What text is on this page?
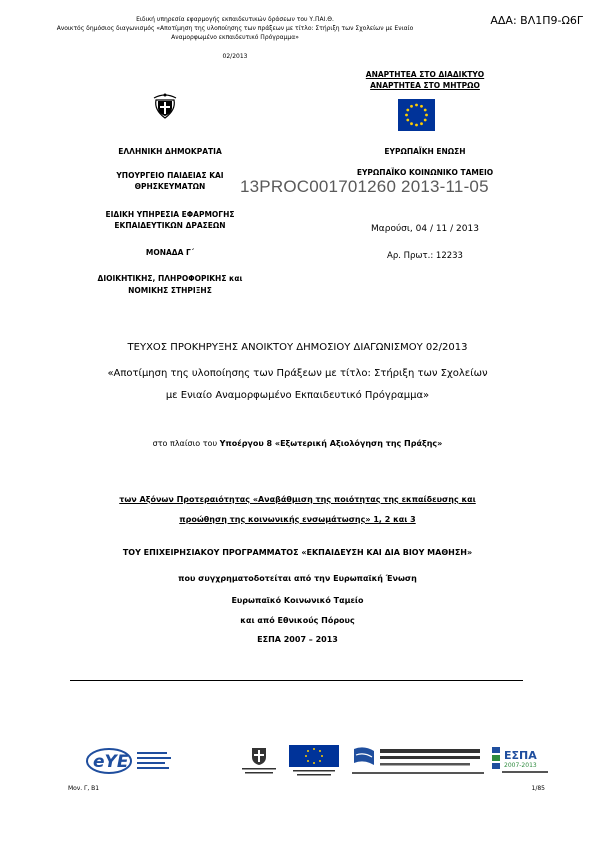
Ειδική υπηρεσία εφαρμογής εκπαιδευτικών δράσεων του Υ.ΠΑΙ.Θ.
Ανοικτός δημόσιος διαγωνισμός «Αποτίμηση της υλοποίησης των πράξεων με τίτλο: Στήριξη των Σχολείων με Ενιαίο
Αναμορφωμένο εκπαιδευτικό Πρόγραμμα»
02/2013
ΑΔΑ: ΒΛ1Π9-Ω6Γ
ΑΝΑΡΤΗΤΕΑ ΣΤΟ ΔΙΑΔΙΚΤΥΟ
ΑΝΑΡΤΗΤΕΑ ΣΤΟ ΜΗΤΡΩΟ
ΕΛΛΗΝΙΚΗ ΔΗΜΟΚΡΑΤΙΑ
ΥΠΟΥΡΓΕΙΟ ΠΑΙΔΕΙΑΣ ΚΑΙ
ΘΡΗΣΚΕΥΜΑΤΩΝ
ΕΙΔΙΚΗ ΥΠΗΡΕΣΙΑ ΕΦΑΡΜΟΓΗΣ
ΕΚΠΑΙΔΕΥΤΙΚΩΝ ΔΡΑΣΕΩΝ
ΜΟΝΑΔΑ Γ΄
ΔΙΟΙΚΗΤΙΚΗΣ, ΠΛΗΡΟΦΟΡΙΚΗΣ και
ΝΟΜΙΚΗΣ ΣΤΗΡΙΞΗΣ
ΕΥΡΩΠΑΪΚΗ ΕΝΩΣΗ
ΕΥΡΩΠΑΪΚΟ ΚΟΙΝΩΝΙΚΟ ΤΑΜΕΙΟ
Μαρούσι, 04 / 11 / 2013
Αρ. Πρωτ.: 12233
13PROC001701260 2013-11-05
ΤΕΥΧΟΣ ΠΡΟΚΗΡΥΞΗΣ ΑΝΟΙΚΤΟΥ ΔΗΜΟΣΙΟΥ ΔΙΑΓΩΝΙΣΜΟΥ 02/2013
«Αποτίμηση της υλοποίησης των Πράξεων με τίτλο: Στήριξη των Σχολείων
με Ενιαίο Αναμορφωμένο Εκπαιδευτικό Πρόγραμμα»
στο πλαίσιο του Υποέργου 8 «Εξωτερική Αξιολόγηση της Πράξης»
των Αξόνων Προτεραιότητας «Αναβάθμιση της ποιότητας της εκπαίδευσης και
προώθηση της κοινωνικής ενσωμάτωσης» 1, 2 και 3
ΤΟΥ ΕΠΙΧΕΙΡΗΣΙΑΚΟΥ ΠΡΟΓΡΑΜΜΑΤΟΣ «ΕΚΠΑΙΔΕΥΣΗ ΚΑΙ ΔΙΑ ΒΙΟΥ ΜΑΘΗΣΗ»
που συγχρηματοδοτείται από την Ευρωπαϊκή Ένωση
Ευρωπαϊκό Κοινωνικό Ταμείο
και από Εθνικούς Πόρους
ΕΣΠΑ 2007 – 2013
eYE	ΕΣΠΑ
2007-2013
Μον. Γ, Β1	1/85
